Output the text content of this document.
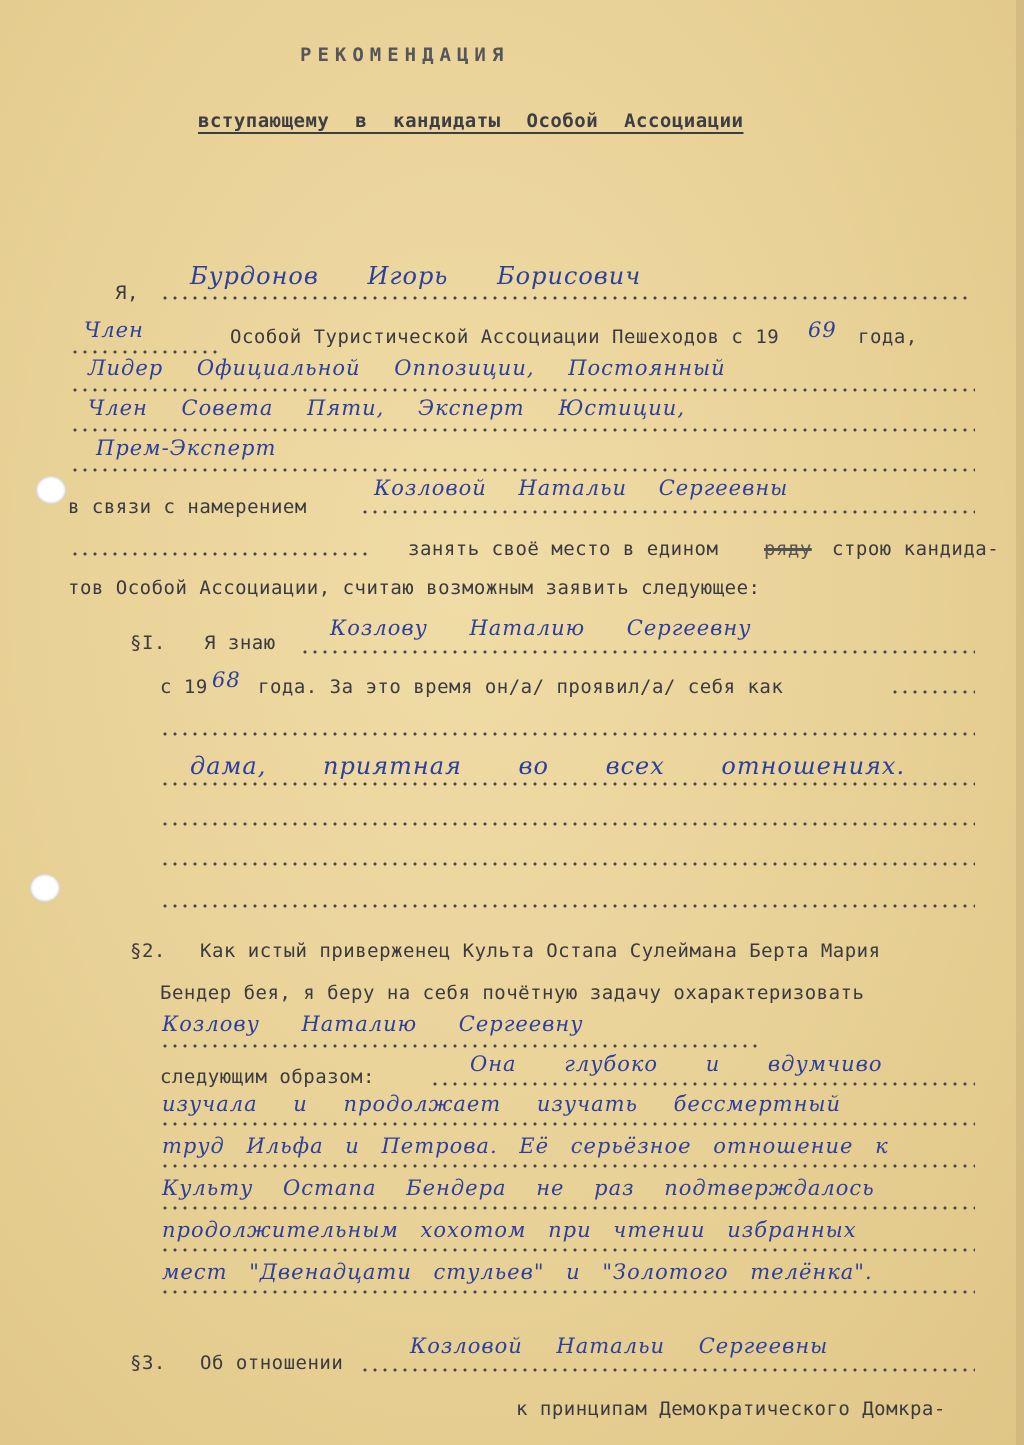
РЕКОМЕНДАЦИЯ
вступающему в кандидаты Особой Ассоциации
Я,
Бурдонов Игорь Борисович
Член	Особой Туристической Ассоциации Пешеходов с 19 69 года,
Лидер Официальной Оппозиции, Постоянный
Член Совета Пяти, Эксперт Юстиции,
Прем-Эксперт
в связи с намерением
Козловой Натальи Сергеевны
занять своё место в едином ряду строю кандида-
тов Особой Ассоциации, считаю возможным заявить следующее:
§I. Я знаю
Козлову Наталию Сергеевну
с 19 68 года. За это время он/а/ проявил/а/ себя как
дама, приятная во всех отношениях.
§2. Как истый приверженец Культа Остапа Сулеймана Берта Мария
Бендер бея, я беру на себя почётную задачу охарактеризовать
Козлову Наталию Сергеевну
следующим образом:
Она глубоко и вдумчиво
изучала и продолжает изучать бессмертный
труд Ильфа и Петрова. Её серьёзное отношение к
Культу Остапа Бендера не раз подтверждалось
продолжительным хохотом при чтении избранных
мест "Двенадцати стульев" и "Золотого телёнка".
§3. Об отношении
Козловой Натальи Сергеевны
к принципам Демократического Домкра-
